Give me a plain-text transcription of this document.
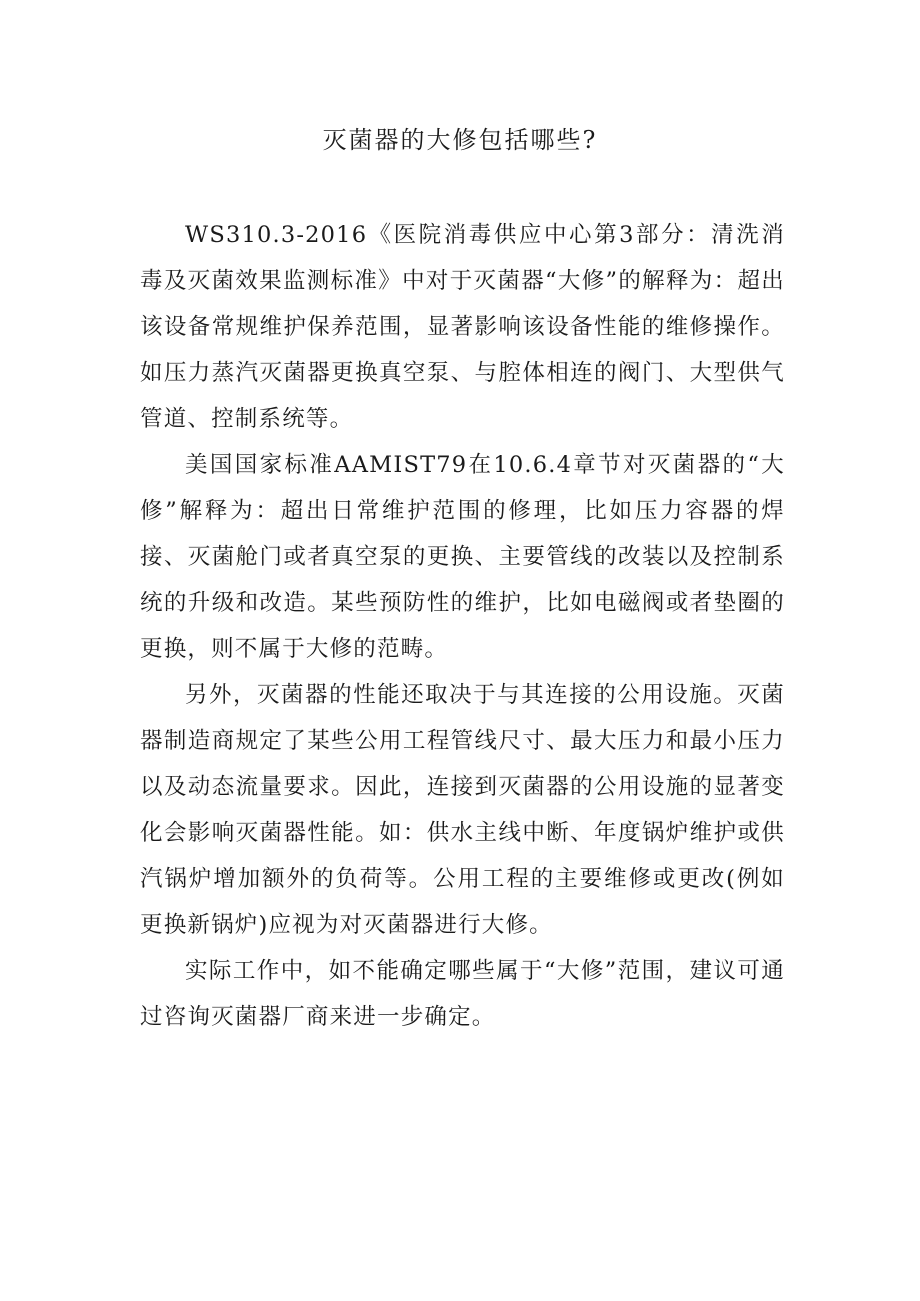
灭菌器的大修包括哪些?

WS310.3-2016《医院消毒供应中心第3部分：清洗消毒及灭菌效果监测标准》中对于灭菌器“大修”的解释为：超出该设备常规维护保养范围，显著影响该设备性能的维修操作。如压力蒸汽灭菌器更换真空泵、与腔体相连的阀门、大型供气管道、控制系统等。

美国国家标准AAMIST79在10.6.4章节对灭菌器的“大修”解释为：超出日常维护范围的修理，比如压力容器的焊接、灭菌舱门或者真空泵的更换、主要管线的改装以及控制系统的升级和改造。某些预防性的维护，比如电磁阀或者垫圈的更换，则不属于大修的范畴。

另外，灭菌器的性能还取决于与其连接的公用设施。灭菌器制造商规定了某些公用工程管线尺寸、最大压力和最小压力以及动态流量要求。因此，连接到灭菌器的公用设施的显著变化会影响灭菌器性能。如：供水主线中断、年度锅炉维护或供汽锅炉增加额外的负荷等。公用工程的主要维修或更改(例如更换新锅炉)应视为对灭菌器进行大修。

实际工作中，如不能确定哪些属于“大修”范围，建议可通过咨询灭菌器厂商来进一步确定。
